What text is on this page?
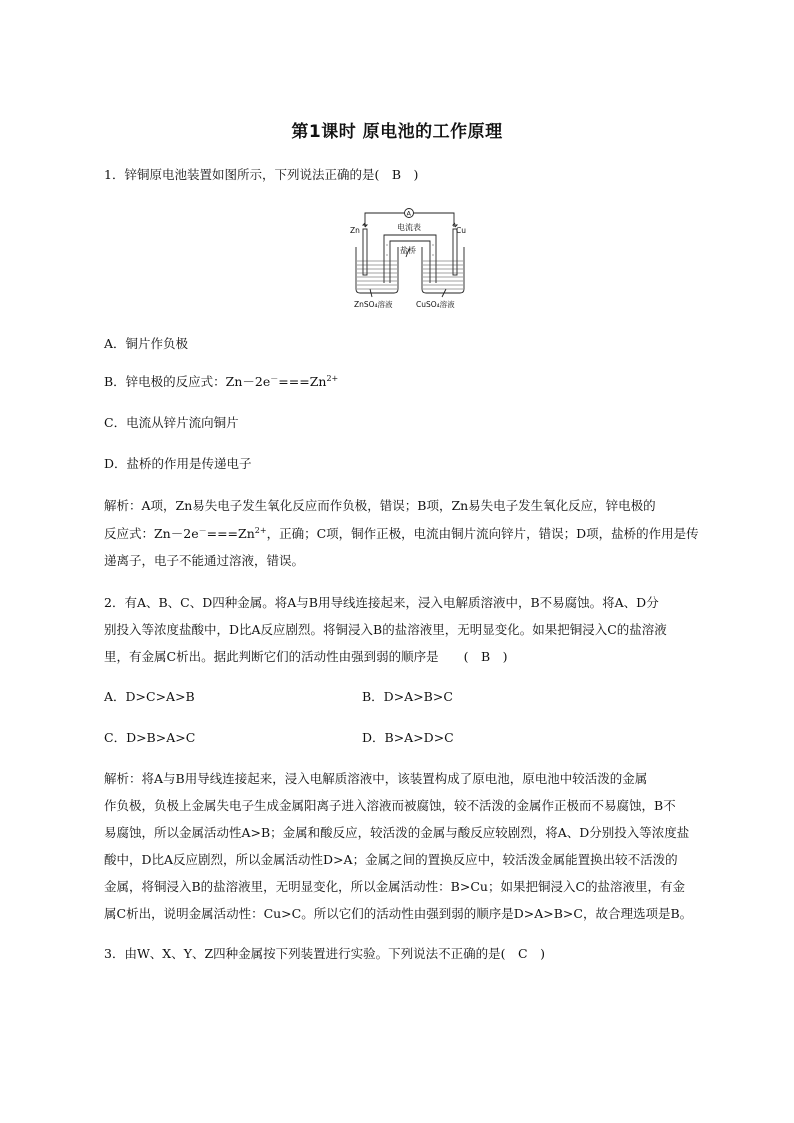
第1课时 原电池的工作原理
1．锌铜原电池装置如图所示，下列说法正确的是(　B　)
A
电流表
Zn	Cu
盐桥
ZnSO₄溶液	CuSO₄溶液
A．铜片作负极
B．锌电极的反应式：$Zn-2e^-===Zn^{2+}$
C．电流从锌片流向铜片
D．盐桥的作用是传递电子
解析：A项，Zn易失电子发生氧化反应而作负极，错误；B项，Zn易失电子发生氧化反应，锌电极的
反应式：$Zn-2e^-===Zn^{2+}$，正确；C项，铜作正极，电流由铜片流向锌片，错误；D项，盐桥的作用是传
递离子，电子不能通过溶液，错误。
2．有A、B、C、D四种金属。将A与B用导线连接起来，浸入电解质溶液中，B不易腐蚀。将A、D分
别投入等浓度盐酸中，D比A反应剧烈。将铜浸入B的盐溶液里，无明显变化。如果把铜浸入C的盐溶液
里，有金属C析出。据此判断它们的活动性由强到弱的顺序是　　(　B　)
A．D>C>A>B	B．D>A>B>C
C．D>B>A>C	D．B>A>D>C
解析：将A与B用导线连接起来，浸入电解质溶液中，该装置构成了原电池，原电池中较活泼的金属
作负极，负极上金属失电子生成金属阳离子进入溶液而被腐蚀，较不活泼的金属作正极而不易腐蚀，B不
易腐蚀，所以金属活动性A>B；金属和酸反应，较活泼的金属与酸反应较剧烈，将A、D分别投入等浓度盐
酸中，D比A反应剧烈，所以金属活动性D>A；金属之间的置换反应中，较活泼金属能置换出较不活泼的
金属，将铜浸入B的盐溶液里，无明显变化，所以金属活动性：B>Cu；如果把铜浸入C的盐溶液里，有金
属C析出，说明金属活动性：Cu>C。所以它们的活动性由强到弱的顺序是D>A>B>C，故合理选项是B。
3．由W、X、Y、Z四种金属按下列装置进行实验。下列说法不正确的是(　C　)
